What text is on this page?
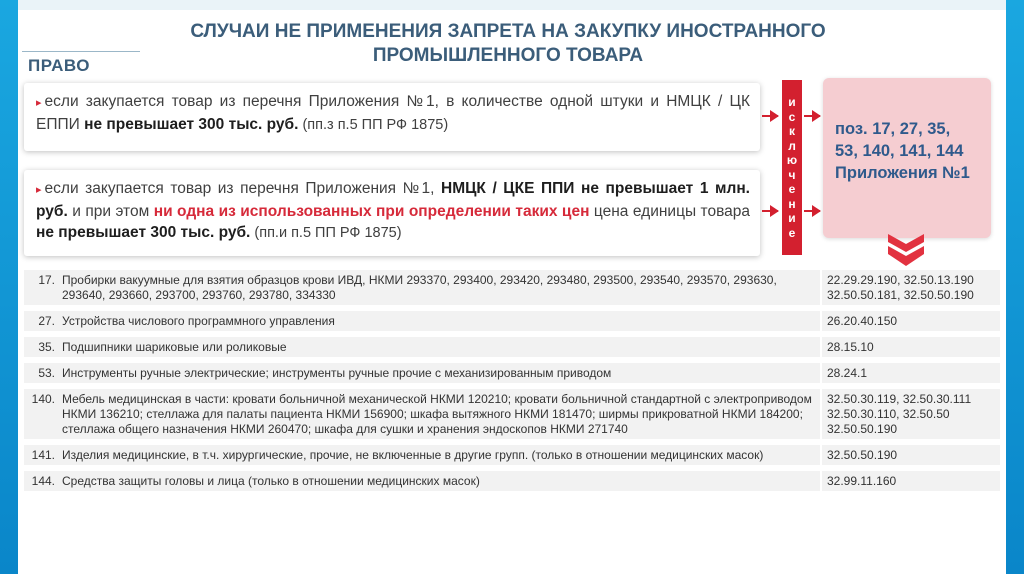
СЛУЧАИ НЕ ПРИМЕНЕНИЯ ЗАПРЕТА НА ЗАКУПКУ ИНОСТРАННОГО
ПРОМЫШЛЕННОГО ТОВАРА
ПРАВО
▸ если закупается товар из перечня Приложения №1, в количестве одной штуки и НМЦК / ЦК ЕППИ не превышает 300 тыс. руб. (пп.з п.5 ПП РФ 1875)
▸ если закупается товар из перечня Приложения №1, НМЦК / ЦКЕ ППИ не превышает 1 млн. руб. и при этом ни одна из использованных при определении таких цен цена единицы товара не превышает 300 тыс. руб. (пп.и п.5 ПП РФ 1875)
и
с
к
л
ю
ч
е
н
и
е
поз. 17, 27, 35,
53, 140, 141, 144
Приложения №1
17.	Пробирки вакуумные для взятия образцов крови ИВД, НКМИ 293370, 293400, 293420, 293480, 293500, 293540, 293570, 293630, 293640, 293660, 293700, 293760, 293780, 334330	22.29.29.190, 32.50.13.190 32.50.50.181, 32.50.50.190
27.	Устройства числового программного управления	26.20.40.150
35.	Подшипники шариковые или роликовые	28.15.10
53.	Инструменты ручные электрические; инструменты ручные прочие с механизированным приводом	28.24.1
140.	Мебель медицинская в части: кровати больничной механической НКМИ 120210; кровати больничной стандартной с электроприводом НКМИ 136210; стеллажа для палаты пациента НКМИ 156900; шкафа вытяжного НКМИ 181470; ширмы прикроватной НКМИ 184200; стеллажа общего назначения НКМИ 260470; шкафа для сушки и хранения эндоскопов НКМИ 271740	32.50.30.119, 32.50.30.111 32.50.30.110, 32.50.50 32.50.50.190
141.	Изделия медицинские, в т.ч. хирургические, прочие, не включенные в другие групп. (только в отношении медицинских масок)	32.50.50.190
144.	Средства защиты головы и лица (только в отношении медицинских масок)	32.99.11.160
